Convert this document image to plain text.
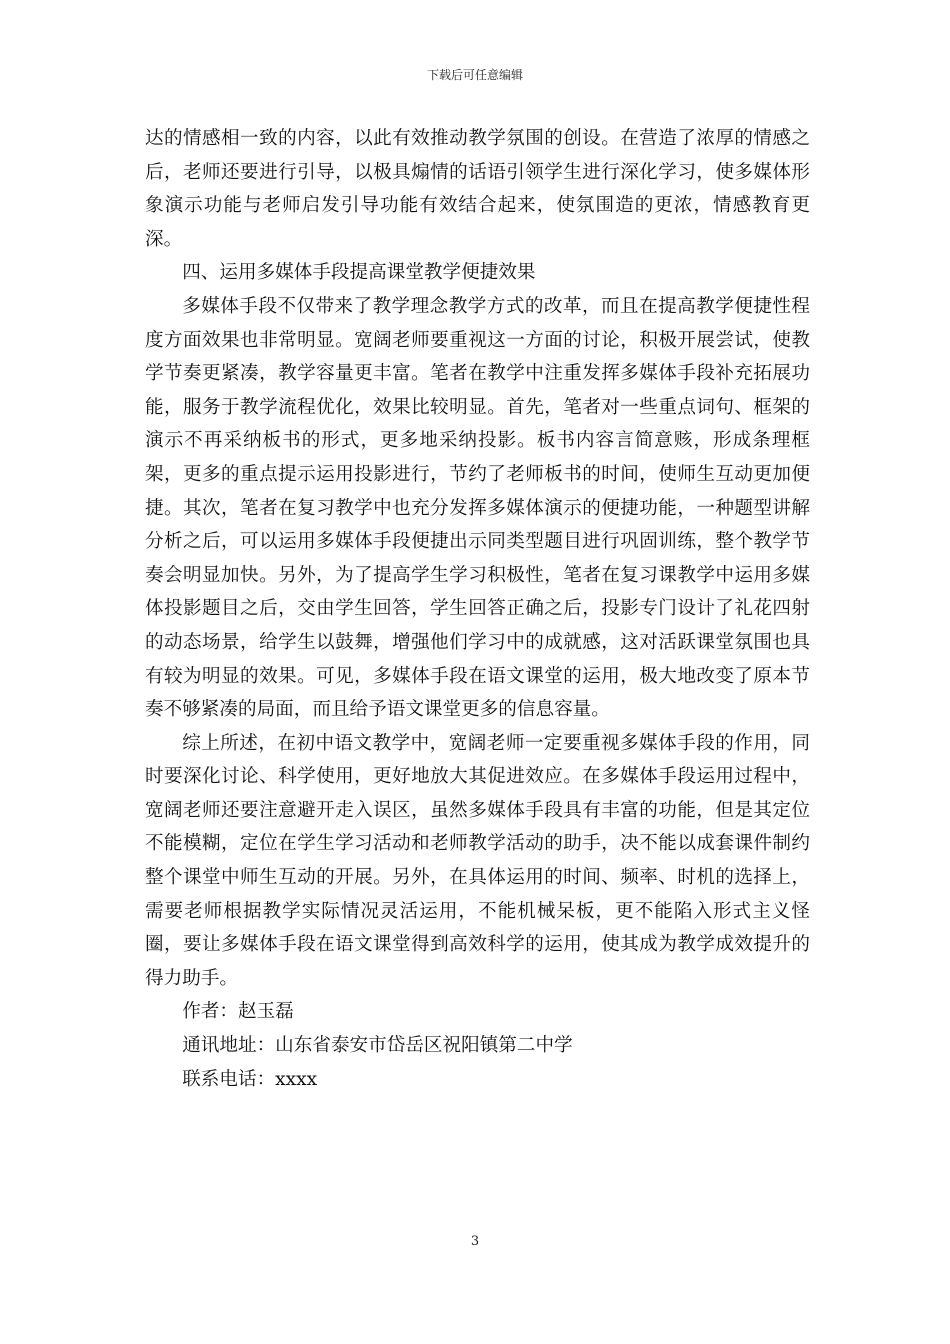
下载后可任意编辑

达的情感相一致的内容，以此有效推动教学氛围的创设。在营造了浓厚的情感之后，老师还要进行引导，以极具煽情的话语引领学生进行深化学习，使多媒体形象演示功能与老师启发引导功能有效结合起来，使氛围造的更浓，情感教育更深。

四、运用多媒体手段提高课堂教学便捷效果

多媒体手段不仅带来了教学理念教学方式的改革，而且在提高教学便捷性程度方面效果也非常明显。宽阔老师要重视这一方面的讨论，积极开展尝试，使教学节奏更紧凑，教学容量更丰富。笔者在教学中注重发挥多媒体手段补充拓展功能，服务于教学流程优化，效果比较明显。首先，笔者对一些重点词句、框架的演示不再采纳板书的形式，更多地采纳投影。板书内容言简意赅，形成条理框架，更多的重点提示运用投影进行，节约了老师板书的时间，使师生互动更加便捷。其次，笔者在复习教学中也充分发挥多媒体演示的便捷功能，一种题型讲解分析之后，可以运用多媒体手段便捷出示同类型题目进行巩固训练，整个教学节奏会明显加快。另外，为了提高学生学习积极性，笔者在复习课教学中运用多媒体投影题目之后，交由学生回答，学生回答正确之后，投影专门设计了礼花四射的动态场景，给学生以鼓舞，增强他们学习中的成就感，这对活跃课堂氛围也具有较为明显的效果。可见，多媒体手段在语文课堂的运用，极大地改变了原本节奏不够紧凑的局面，而且给予语文课堂更多的信息容量。

综上所述，在初中语文教学中，宽阔老师一定要重视多媒体手段的作用，同时要深化讨论、科学使用，更好地放大其促进效应。在多媒体手段运用过程中，宽阔老师还要注意避开走入误区，虽然多媒体手段具有丰富的功能，但是其定位不能模糊，定位在学生学习活动和老师教学活动的助手，决不能以成套课件制约整个课堂中师生互动的开展。另外，在具体运用的时间、频率、时机的选择上，需要老师根据教学实际情况灵活运用，不能机械呆板，更不能陷入形式主义怪圈，要让多媒体手段在语文课堂得到高效科学的运用，使其成为教学成效提升的得力助手。

作者：赵玉磊

通讯地址：山东省泰安市岱岳区祝阳镇第二中学

联系电话：xxxx

3
